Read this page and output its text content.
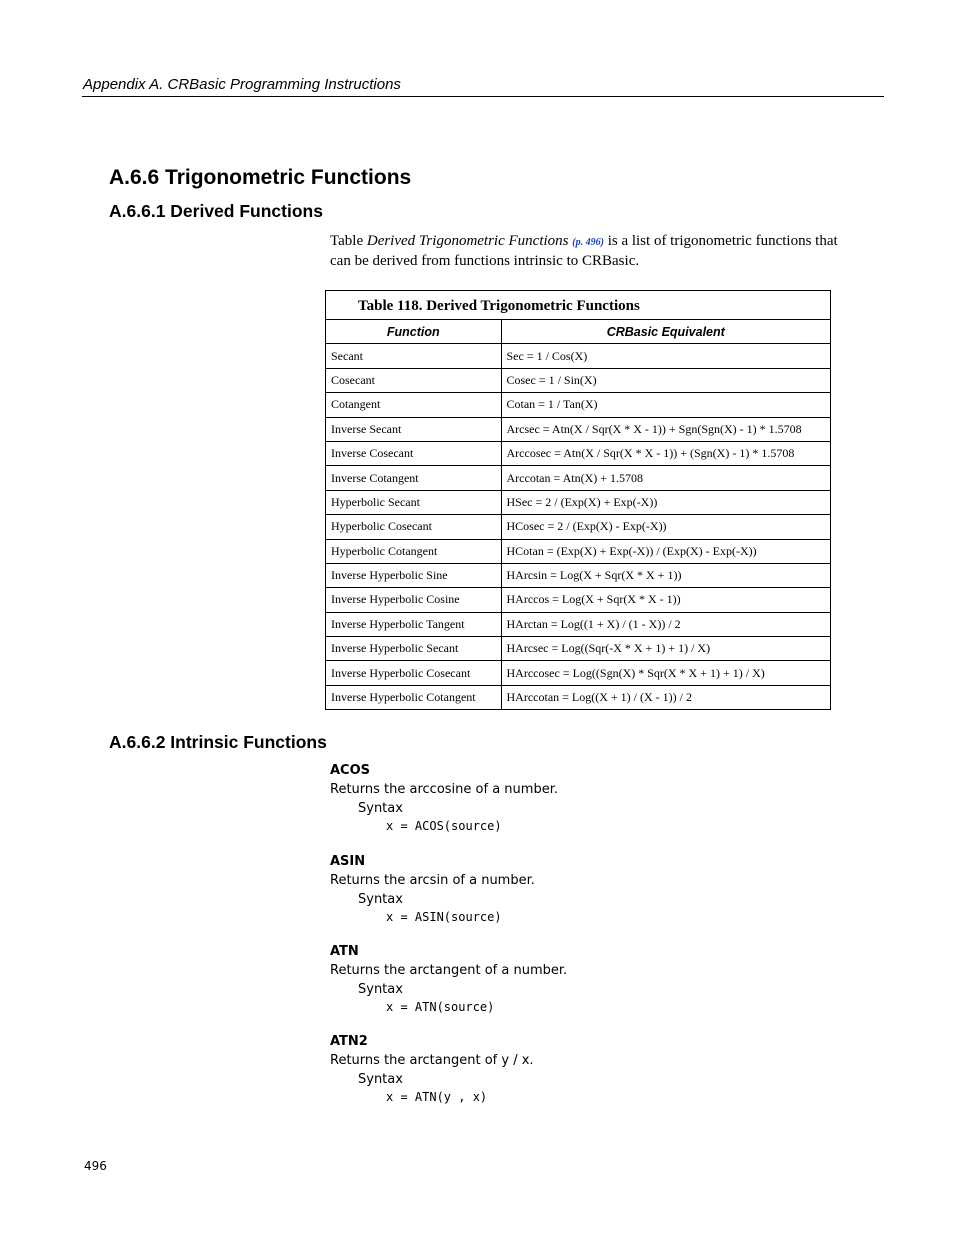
Appendix A. CRBasic Programming Instructions
A.6.6 Trigonometric Functions
A.6.6.1 Derived Functions
Table Derived Trigonometric Functions (p. 496) is a list of trigonometric functions that can be derived from functions intrinsic to CRBasic.
Table 118. Derived Trigonometric Functions
Function	CRBasic Equivalent
Secant	Sec = 1 / Cos(X)
Cosecant	Cosec = 1 / Sin(X)
Cotangent	Cotan = 1 / Tan(X)
Inverse Secant	Arcsec = Atn(X / Sqr(X * X - 1)) + Sgn(Sgn(X) - 1) * 1.5708
Inverse Cosecant	Arccosec = Atn(X / Sqr(X * X - 1)) + (Sgn(X) - 1) * 1.5708
Inverse Cotangent	Arccotan = Atn(X) + 1.5708
Hyperbolic Secant	HSec = 2 / (Exp(X) + Exp(-X))
Hyperbolic Cosecant	HCosec = 2 / (Exp(X) - Exp(-X))
Hyperbolic Cotangent	HCotan = (Exp(X) + Exp(-X)) / (Exp(X) - Exp(-X))
Inverse Hyperbolic Sine	HArcsin = Log(X + Sqr(X * X + 1))
Inverse Hyperbolic Cosine	HArccos = Log(X + Sqr(X * X - 1))
Inverse Hyperbolic Tangent	HArctan = Log((1 + X) / (1 - X)) / 2
Inverse Hyperbolic Secant	HArcsec = Log((Sqr(-X * X + 1) + 1) / X)
Inverse Hyperbolic Cosecant	HArccosec = Log((Sgn(X) * Sqr(X * X + 1) + 1) / X)
Inverse Hyperbolic Cotangent	HArccotan = Log((X + 1) / (X - 1)) / 2
A.6.6.2 Intrinsic Functions
ACOS
Returns the arccosine of a number.
Syntax
x = ACOS(source)
ASIN
Returns the arcsin of a number.
Syntax
x = ASIN(source)
ATN
Returns the arctangent of a number.
Syntax
x = ATN(source)
ATN2
Returns the arctangent of y / x.
Syntax
x = ATN(y , x)
496
